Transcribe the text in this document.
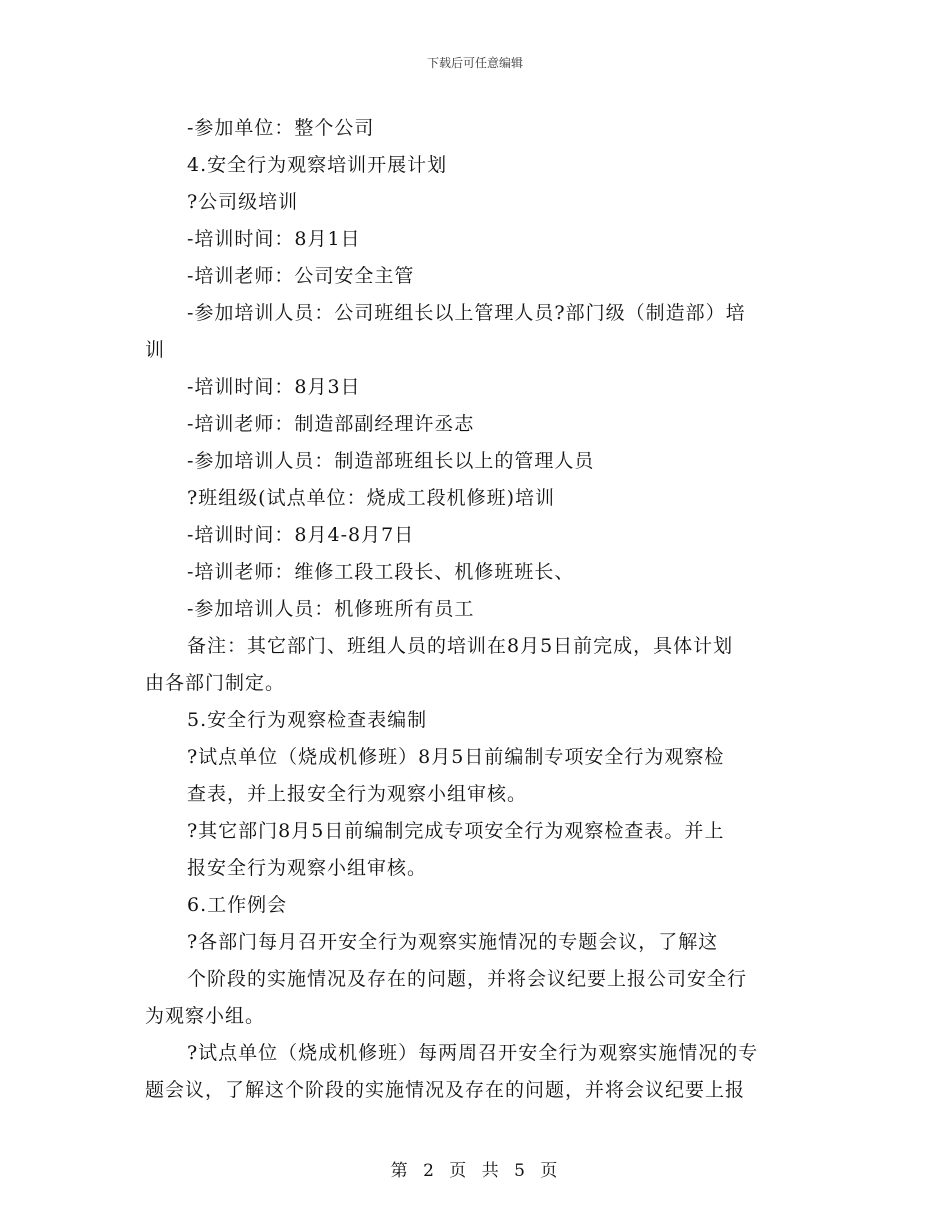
下载后可任意编辑
-参加单位：整个公司
4.安全行为观察培训开展计划
?公司级培训
-培训时间：8月1日
-培训老师：公司安全主管
-参加培训人员：公司班组长以上管理人员?部门级（制造部）培
训
-培训时间：8月3日
-培训老师：制造部副经理许丞志
-参加培训人员：制造部班组长以上的管理人员
?班组级(试点单位：烧成工段机修班)培训
-培训时间：8月4-8月7日
-培训老师：维修工段工段长、机修班班长、
-参加培训人员：机修班所有员工
备注：其它部门、班组人员的培训在8月5日前完成，具体计划
由各部门制定。
5.安全行为观察检查表编制
?试点单位（烧成机修班）8月5日前编制专项安全行为观察检
查表，并上报安全行为观察小组审核。
?其它部门8月5日前编制完成专项安全行为观察检查表。并上
报安全行为观察小组审核。
6.工作例会
?各部门每月召开安全行为观察实施情况的专题会议，了解这
个阶段的实施情况及存在的问题，并将会议纪要上报公司安全行
为观察小组。
?试点单位（烧成机修班）每两周召开安全行为观察实施情况的专
题会议，了解这个阶段的实施情况及存在的问题，并将会议纪要上报
第 2 页 共 5 页
